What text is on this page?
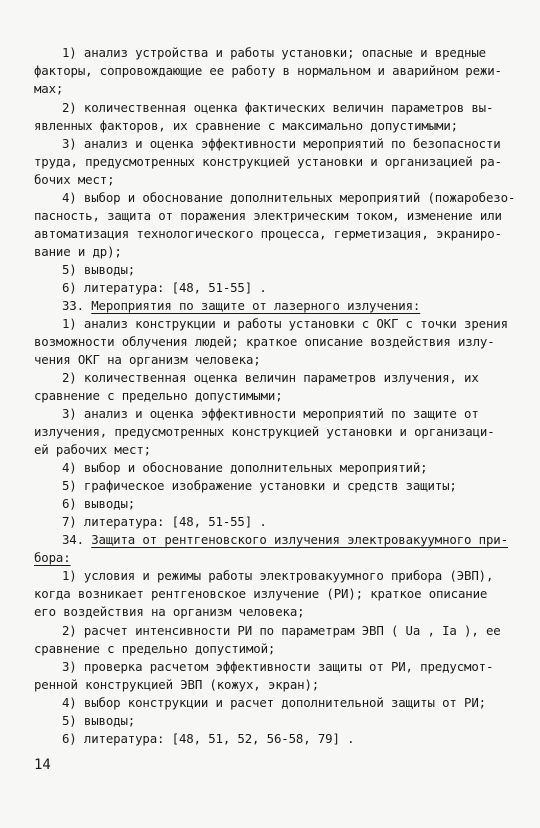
1) анализ устройства и работы установки; опасные и вредные
факторы, сопровождающие ее работу в нормальном и аварийном режи-
мах;
2) количественная оценка фактических величин параметров вы-
явленных факторов, их сравнение с максимально допустимыми;
3) анализ и оценка эффективности мероприятий по безопасности
труда, предусмотренных конструкцией установки и организацией ра-
бочих мест;
4) выбор и обоснование дополнительных мероприятий (пожаробезо-
пасность, защита от поражения электрическим током, изменение или
автоматизация технологического процесса, герметизация, экраниро-
вание и др);
5) выводы;
6) литература: [48, 51-55] .
33. Мероприятия по защите от лазерного излучения:
1) анализ конструкции и работы установки с ОКГ с точки зрения
возможности облучения людей; краткое описание воздействия излу-
чения ОКГ на организм человека;
2) количественная оценка величин параметров излучения, их
сравнение с предельно допустимыми;
3) анализ и оценка эффективности мероприятий по защите от
излучения, предусмотренных конструкцией установки и организаци-
ей рабочих мест;
4) выбор и обоснование дополнительных мероприятий;
5) графическое изображение установки и средств защиты;
6) выводы;
7) литература: [48, 51-55] .
34. Защита от рентгеновского излучения электровакуумного при-
бора:
1) условия и режимы работы электровакуумного прибора (ЭВП),
когда возникает рентгеновское излучение (РИ); краткое описание
его воздействия на организм человека;
2) расчет интенсивности РИ по параметрам ЭВП ( Ua , Ia ), ее
сравнение с предельно допустимой;
3) проверка расчетом эффективности защиты от РИ, предусмот-
ренной конструкцией ЭВП (кожух, экран);
4) выбор конструкции и расчет дополнительной защиты от РИ;
5) выводы;
6) литература: [48, 51, 52, 56-58, 79] .
14
